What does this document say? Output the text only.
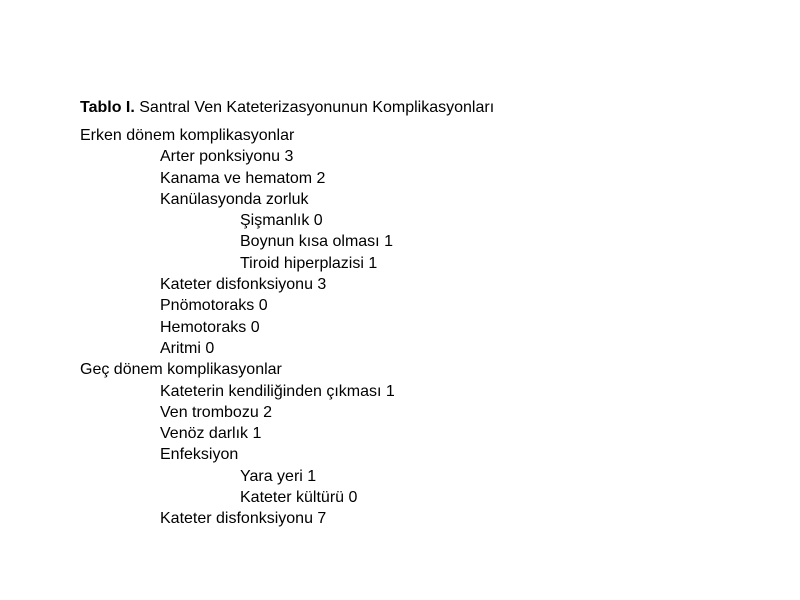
Tablo I. Santral Ven Kateterizasyonunun Komplikasyonları

Erken dönem komplikasyonlar
Arter ponksiyonu 3
Kanama ve hematom 2
Kanülasyonda zorluk
Şişmanlık 0
Boynun kısa olması 1
Tiroid hiperplazisi 1
Kateter disfonksiyonu 3
Pnömotoraks 0
Hemotoraks 0
Aritmi 0
Geç dönem komplikasyonlar
Kateterin kendiliğinden çıkması 1
Ven trombozu 2
Venöz darlık 1
Enfeksiyon
Yara yeri 1
Kateter kültürü 0
Kateter disfonksiyonu 7
